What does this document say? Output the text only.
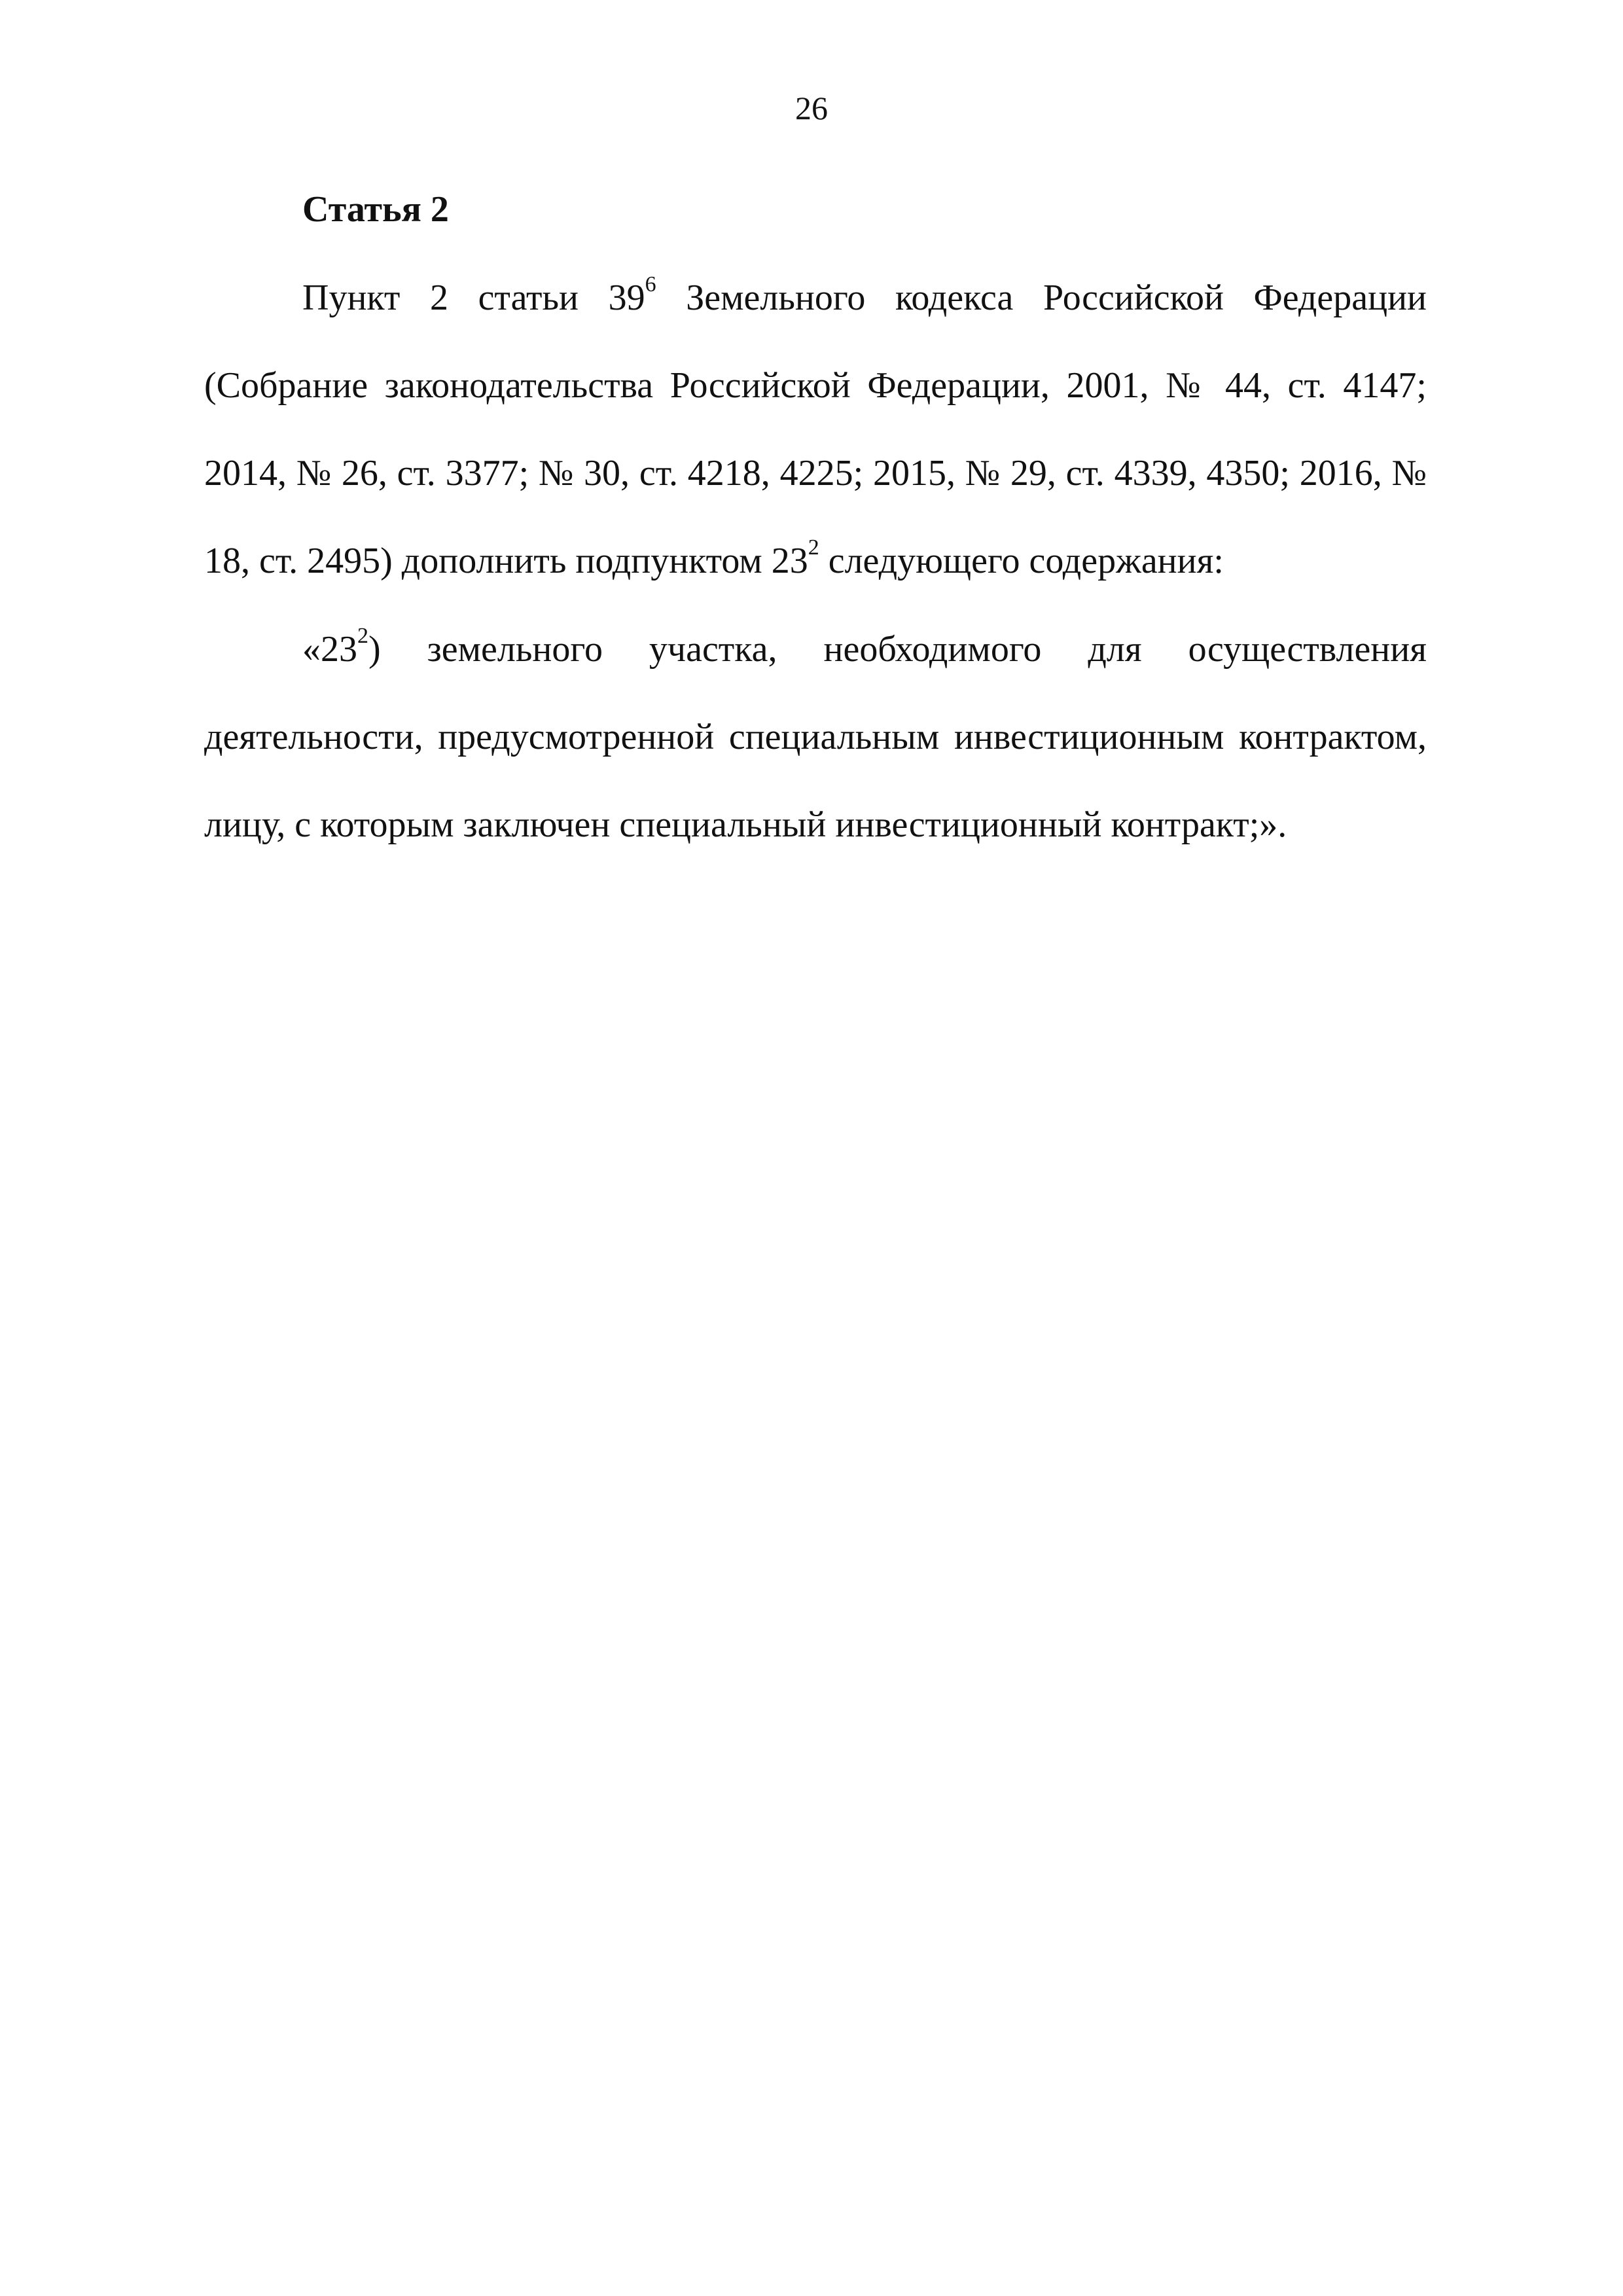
26
Статья 2

Пункт 2 статьи $39^6$ Земельного кодекса Российской Федерации (Собрание законодательства Российской Федерации, 2001, № 44, ст. 4147; 2014, № 26, ст. 3377; № 30, ст. 4218, 4225; 2015, № 29, ст. 4339, 4350; 2016, № 18, ст. 2495) дополнить подпунктом $23^2$ следующего содержания:

«$23^2$) земельного участка, необходимого для осуществления деятельности, предусмотренной специальным инвестиционным контрактом, лицу, с которым заключен специальный инвестиционный контракт;».
